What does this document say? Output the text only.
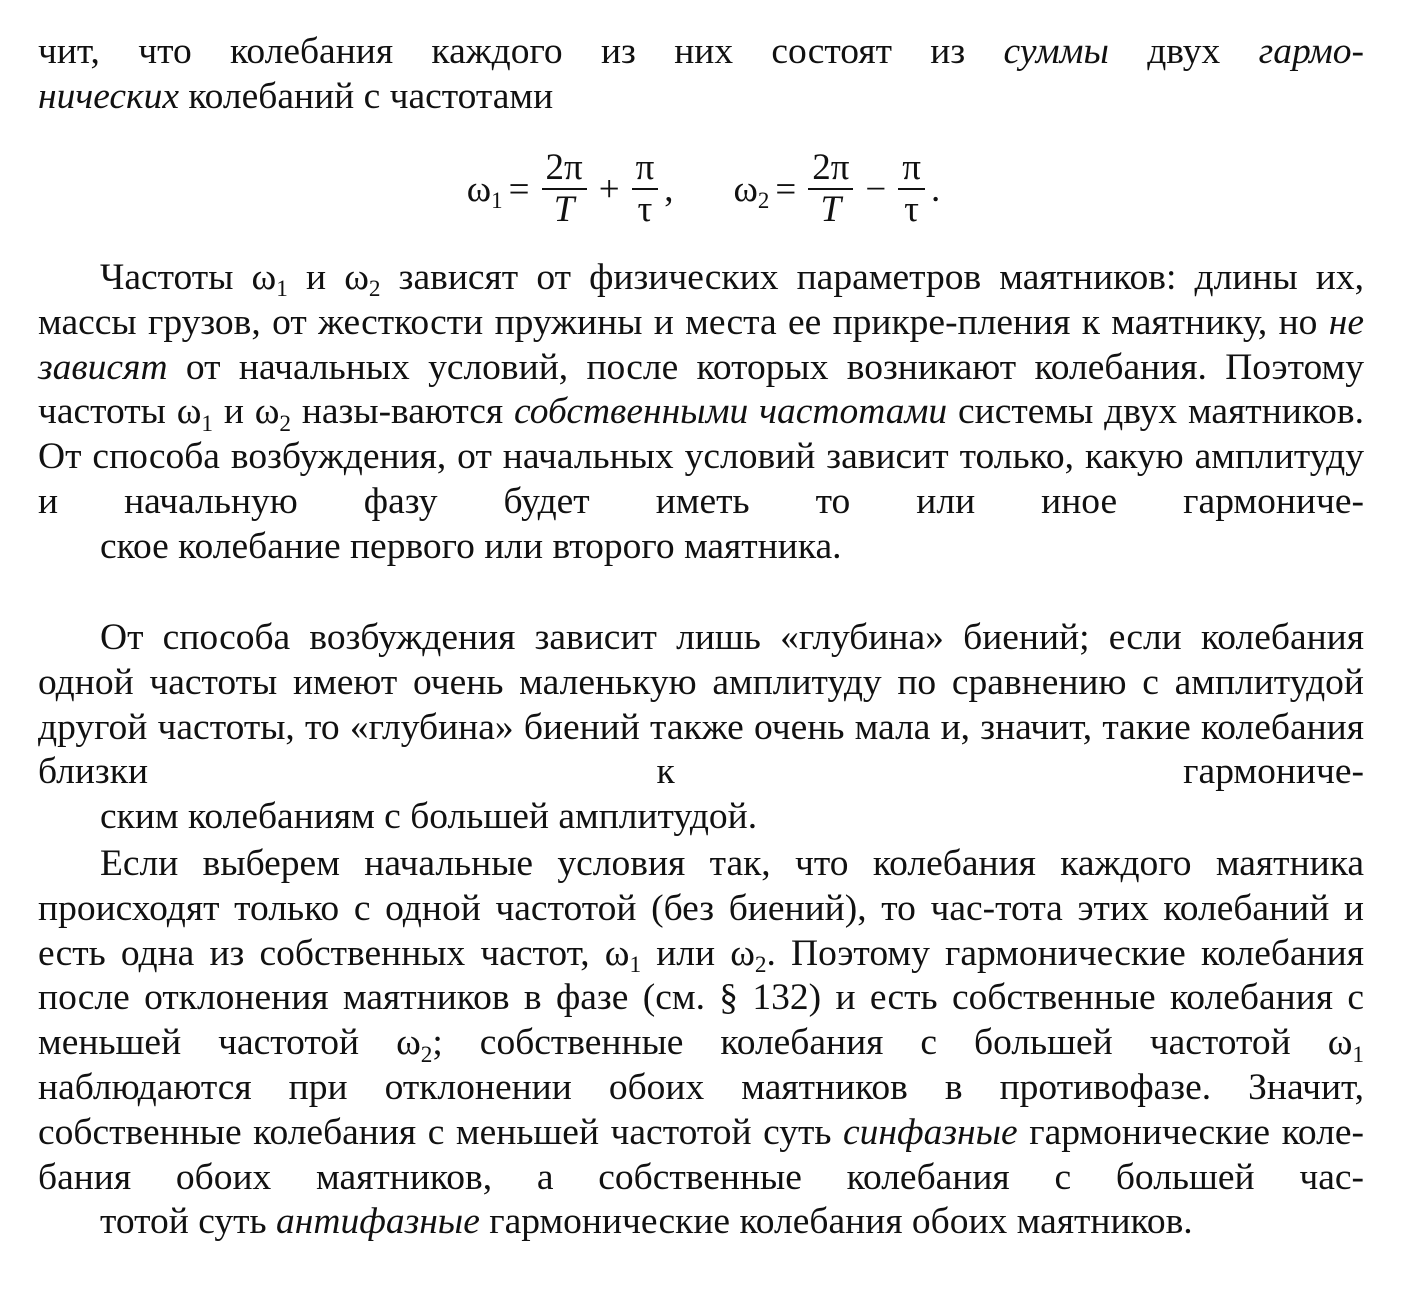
чит, что колебания каждого из них состоят из суммы двух гармо-
нических колебаний с частотами
$\omega_1 = \frac{2\pi}{T} + \frac{\pi}{\tau}$ , $\omega_2 = \frac{2\pi}{T} - \frac{\pi}{\tau}$ .
Частоты $\omega_1$ и $\omega_2$ зависят от физических параметров маятников: длины их, массы грузов, от жесткости пружины и места ее прикре-пления к маятнику, но не зависят от начальных условий, после которых возникают колебания. Поэтому частоты $\omega_1$ и $\omega_2$ назы-ваются собственными частотами системы двух маятников. От способа возбуждения, от начальных условий зависит только, какую амплитуду и начальную фазу будет иметь то или иное гармониче-
ское колебание первого или второго маятника.
От способа возбуждения зависит лишь «глубина» биений; если колебания одной частоты имеют очень маленькую амплитуду по сравнению с амплитудой другой частоты, то «глубина» биений также очень мала и, значит, такие колебания близки к гармониче-
ским колебаниям с большей амплитудой.
Если выберем начальные условия так, что колебания каждого маятника происходят только с одной частотой (без биений), то час-тота этих колебаний и есть одна из собственных частот, $\omega_1$ или $\omega_2$. Поэтому гармонические колебания после отклонения маятников в фазе (см. § 132) и есть собственные колебания с меньшей частотой $\omega_2$; собственные колебания с большей частотой $\omega_1$ наблюдаются при отклонении обоих маятников в противофазе. Значит, собственные колебания с меньшей частотой суть синфазные гармонические коле-бания обоих маятников, а собственные колебания с большей час-
тотой суть антифазные гармонические колебания обоих маятников.
